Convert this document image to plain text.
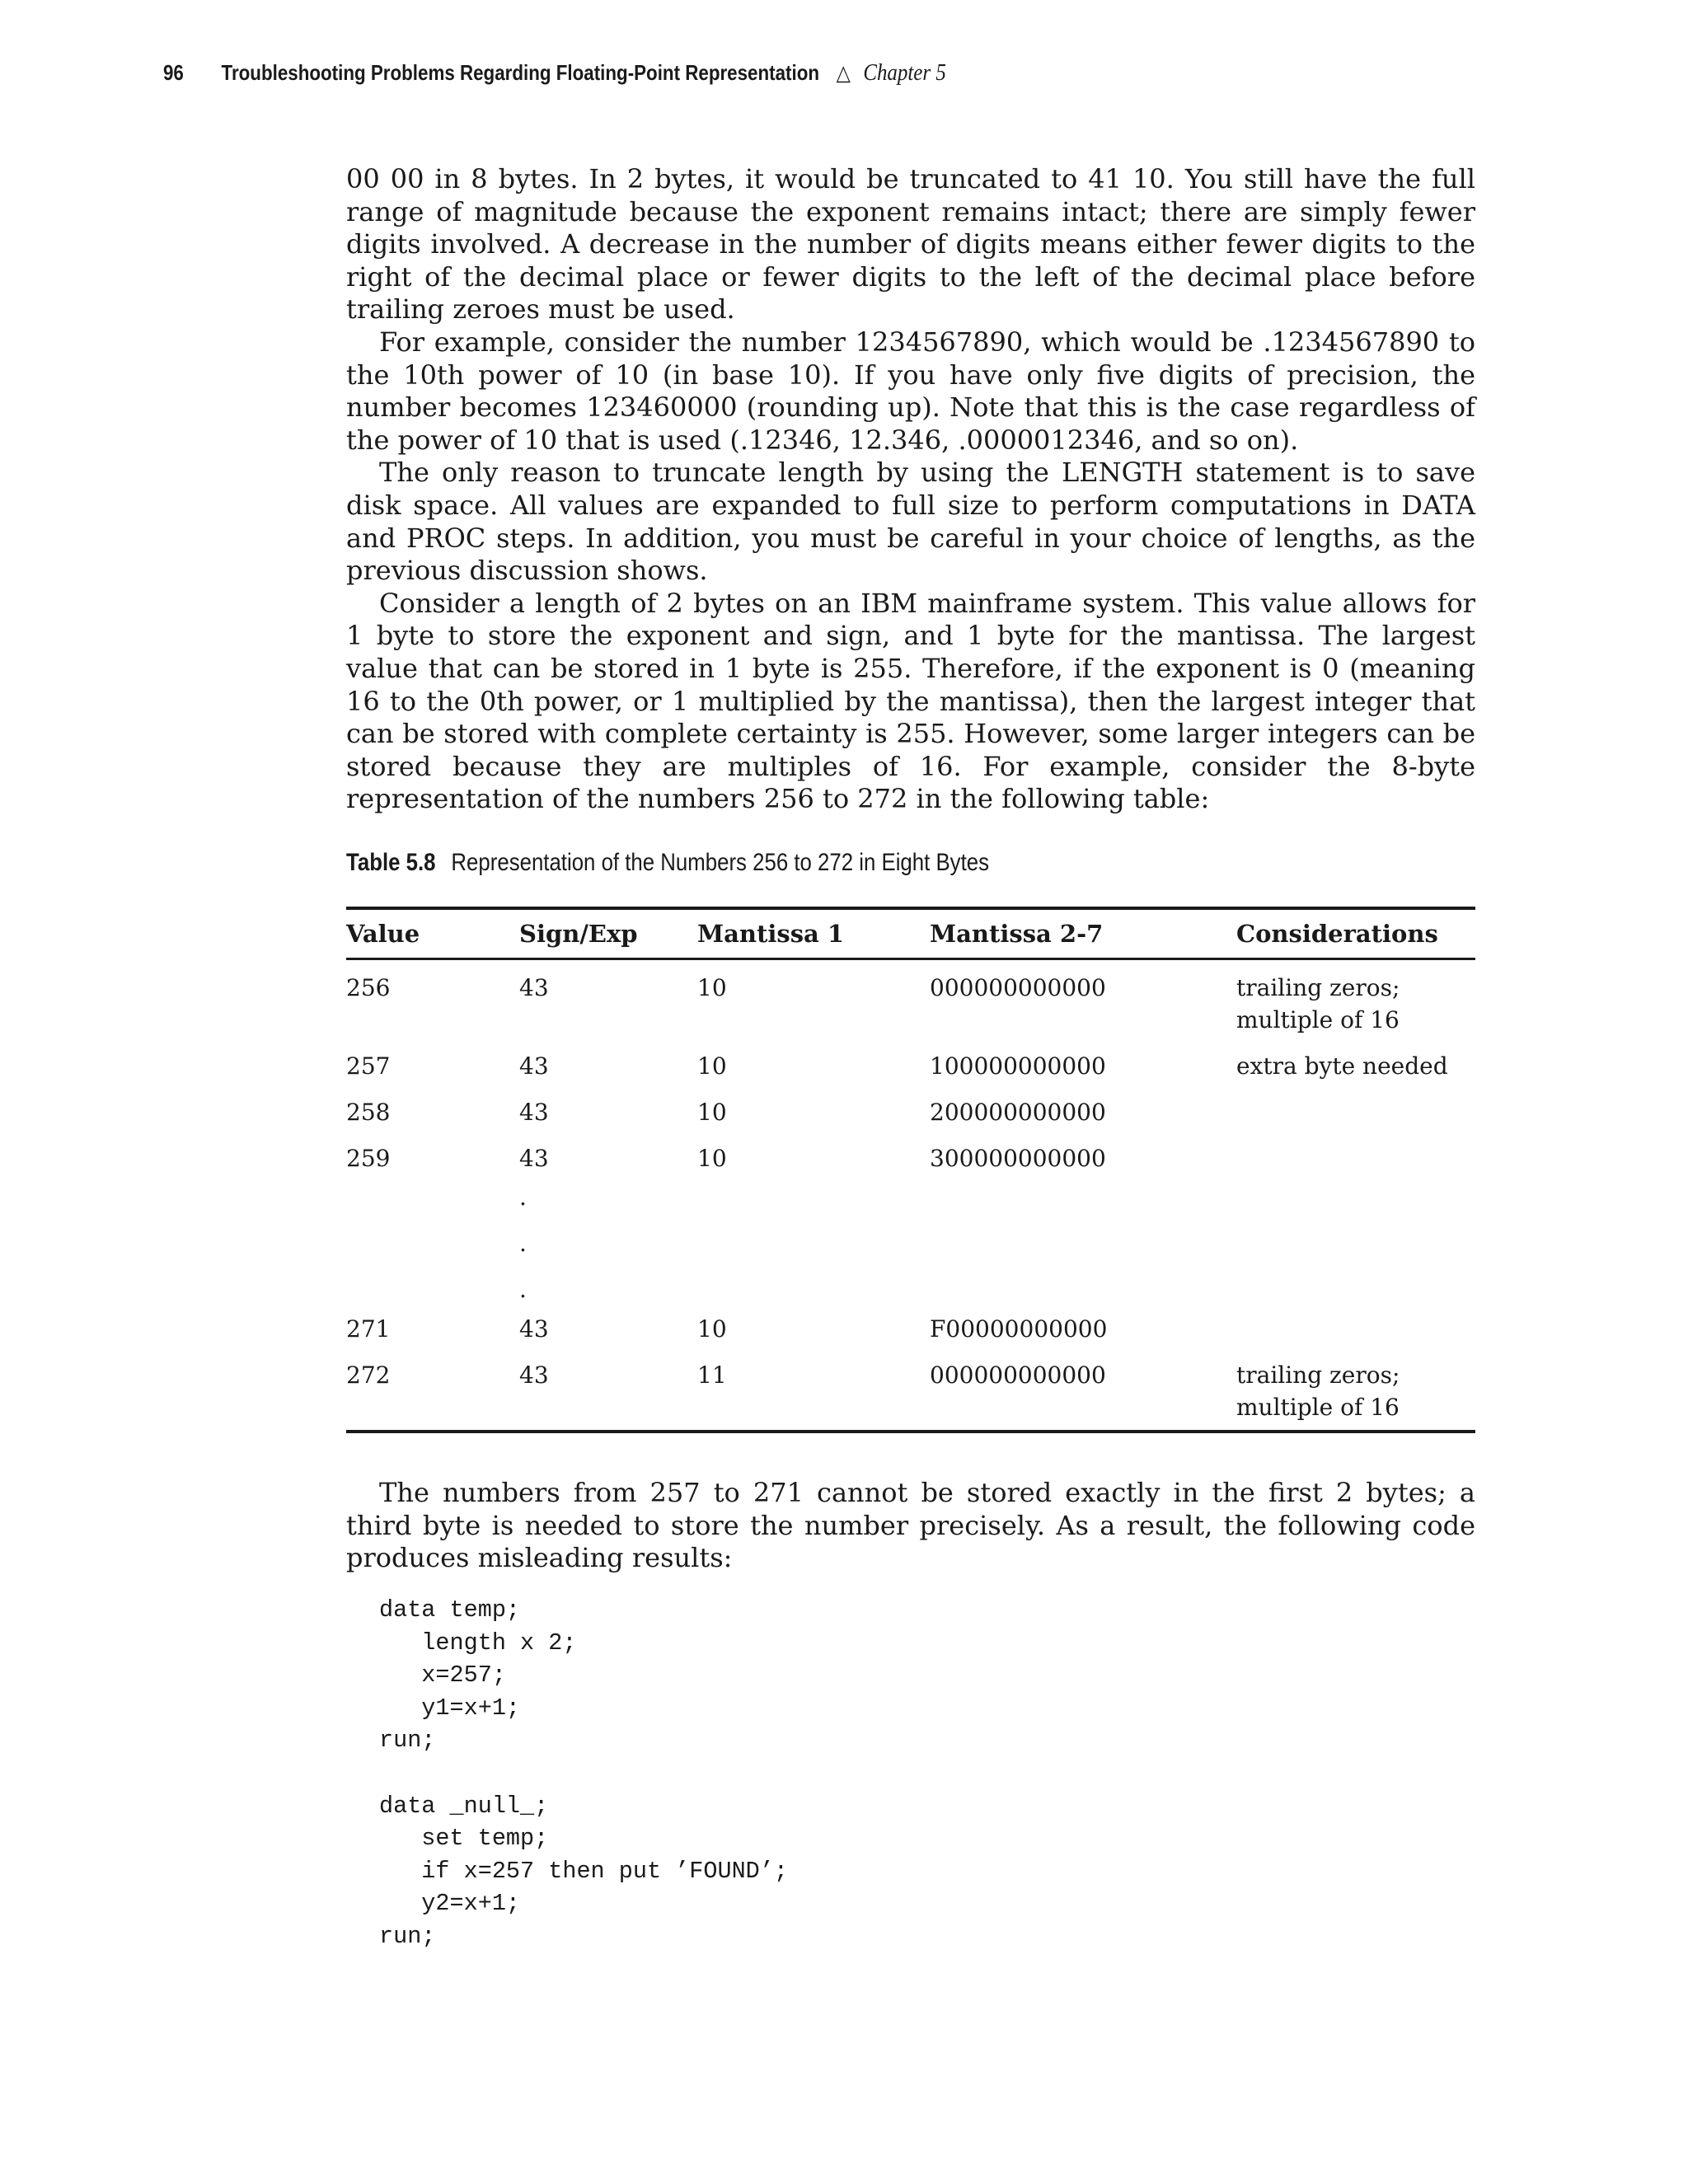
96 Troubleshooting Problems Regarding Floating-Point Representation △ Chapter 5

00 00 in 8 bytes. In 2 bytes, it would be truncated to 41 10. You still have the full range of magnitude because the exponent remains intact; there are simply fewer digits involved. A decrease in the number of digits means either fewer digits to the right of the decimal place or fewer digits to the left of the decimal place before trailing zeroes must be used.

For example, consider the number 1234567890, which would be .1234567890 to the 10th power of 10 (in base 10). If you have only five digits of precision, the number becomes 123460000 (rounding up). Note that this is the case regardless of the power of 10 that is used (.12346, 12.346, .0000012346, and so on).

The only reason to truncate length by using the LENGTH statement is to save disk space. All values are expanded to full size to perform computations in DATA and PROC steps. In addition, you must be careful in your choice of lengths, as the previous discussion shows.

Consider a length of 2 bytes on an IBM mainframe system. This value allows for 1 byte to store the exponent and sign, and 1 byte for the mantissa. The largest value that can be stored in 1 byte is 255. Therefore, if the exponent is 0 (meaning 16 to the 0th power, or 1 multiplied by the mantissa), then the largest integer that can be stored with complete certainty is 255. However, some larger integers can be stored because they are multiples of 16. For example, consider the 8-byte representation of the numbers 256 to 272 in the following table:

Table 5.8 Representation of the Numbers 256 to 272 in Eight Bytes
Value	Sign/Exp	Mantissa 1	Mantissa 2-7	Considerations
256	43	10	000000000000	trailing zeros;
multiple of 16

257	43	10	100000000000	extra byte needed
258	43	10	200000000000	
259	43	10	300000000000	

	.
.
.			

271	43	10	F00000000000	
272	43	11	000000000000	trailing zeros;
multiple of 16

The numbers from 257 to 271 cannot be stored exactly in the first 2 bytes; a third byte is needed to store the number precisely. As a result, the following code produces misleading results:

data temp;
length x 2;
x=257;
y1=x+1;
run;

data _null_;
set temp;
if x=257 then put ’FOUND’;
y2=x+1;
run;
